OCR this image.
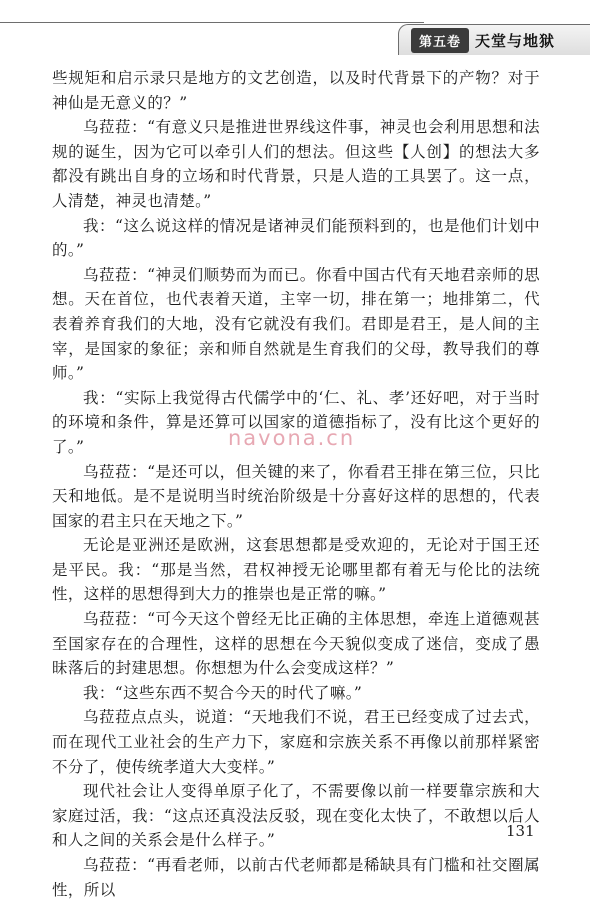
第五卷 天堂与地狱

些规矩和启示录只是地方的文艺创造，以及时代背景下的产物？对于神仙是无意义的？”

乌菈菈：“有意义只是推进世界线这件事，神灵也会利用思想和法规的诞生，因为它可以牵引人们的想法。但这些【人创】的想法大多都没有跳出自身的立场和时代背景，只是人造的工具罢了。这一点，人清楚，神灵也清楚。”

我：“这么说这样的情况是诸神灵们能预料到的，也是他们计划中的。”

乌菈菈：“神灵们顺势而为而已。你看中国古代有天地君亲师的思想。天在首位，也代表着天道，主宰一切，排在第一；地排第二，代表着养育我们的大地，没有它就没有我们。君即是君王，是人间的主宰，是国家的象征；亲和师自然就是生育我们的父母，教导我们的尊师。”

我：“实际上我觉得古代儒学中的‘仁、礼、孝’还好吧，对于当时的环境和条件，算是还算可以国家的道德指标了，没有比这个更好的了。”

乌菈菈：“是还可以，但关键的来了，你看君王排在第三位，只比天和地低。是不是说明当时统治阶级是十分喜好这样的思想的，代表国家的君主只在天地之下。”

无论是亚洲还是欧洲，这套思想都是受欢迎的，无论对于国王还是平民。我：“那是当然，君权神授无论哪里都有着无与伦比的法统性，这样的思想得到大力的推崇也是正常的嘛。”

乌菈菈：“可今天这个曾经无比正确的主体思想，牵连上道德观甚至国家存在的合理性，这样的思想在今天貌似变成了迷信，变成了愚昧落后的封建思想。你想想为什么会变成这样？”

我：“这些东西不契合今天的时代了嘛。”

乌菈菈点点头，说道：“天地我们不说，君王已经变成了过去式，而在现代工业社会的生产力下，家庭和宗族关系不再像以前那样紧密不分了，使传统孝道大大变样。”

现代社会让人变得单原子化了，不需要像以前一样要靠宗族和大家庭过活，我：“这点还真没法反驳，现在变化太快了，不敢想以后人和人之间的关系会是什么样子。”

乌菈菈：“再看老师，以前古代老师都是稀缺具有门槛和社交圈属性，所以

navona.cn
131
